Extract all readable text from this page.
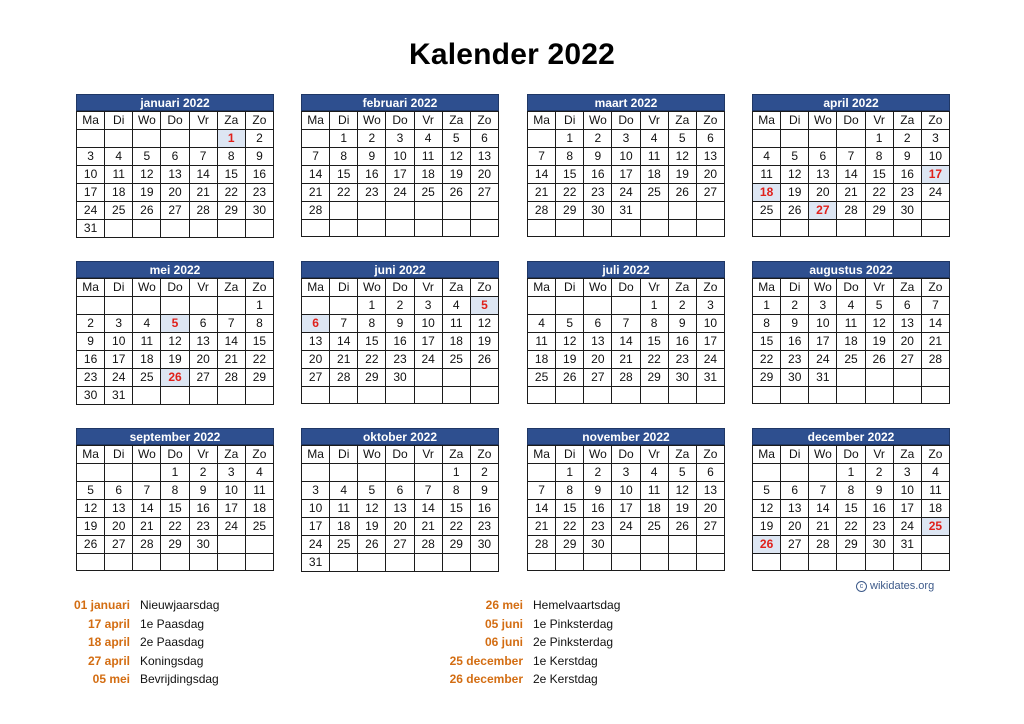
Kalender 2022
januari 2022
Ma	Di	Wo	Do	Vr	Za	Zo
					1	2
3	4	5	6	7	8	9
10	11	12	13	14	15	16
17	18	19	20	21	22	23
24	25	26	27	28	29	30
31						
februari 2022
Ma	Di	Wo	Do	Vr	Za	Zo
	1	2	3	4	5	6
7	8	9	10	11	12	13
14	15	16	17	18	19	20
21	22	23	24	25	26	27
28						

maart 2022
Ma	Di	Wo	Do	Vr	Za	Zo
	1	2	3	4	5	6
7	8	9	10	11	12	13
14	15	16	17	18	19	20
21	22	23	24	25	26	27
28	29	30	31			

april 2022
Ma	Di	Wo	Do	Vr	Za	Zo
				1	2	3
4	5	6	7	8	9	10
11	12	13	14	15	16	17
18	19	20	21	22	23	24
25	26	27	28	29	30	

mei 2022
Ma	Di	Wo	Do	Vr	Za	Zo
						1
2	3	4	5	6	7	8
9	10	11	12	13	14	15
16	17	18	19	20	21	22
23	24	25	26	27	28	29
30	31					
juni 2022
Ma	Di	Wo	Do	Vr	Za	Zo
		1	2	3	4	5
6	7	8	9	10	11	12
13	14	15	16	17	18	19
20	21	22	23	24	25	26
27	28	29	30			

juli 2022
Ma	Di	Wo	Do	Vr	Za	Zo
				1	2	3
4	5	6	7	8	9	10
11	12	13	14	15	16	17
18	19	20	21	22	23	24
25	26	27	28	29	30	31

augustus 2022
Ma	Di	Wo	Do	Vr	Za	Zo
1	2	3	4	5	6	7
8	9	10	11	12	13	14
15	16	17	18	19	20	21
22	23	24	25	26	27	28
29	30	31				

september 2022
Ma	Di	Wo	Do	Vr	Za	Zo
			1	2	3	4
5	6	7	8	9	10	11
12	13	14	15	16	17	18
19	20	21	22	23	24	25
26	27	28	29	30		

oktober 2022
Ma	Di	Wo	Do	Vr	Za	Zo
					1	2
3	4	5	6	7	8	9
10	11	12	13	14	15	16
17	18	19	20	21	22	23
24	25	26	27	28	29	30
31						
november 2022
Ma	Di	Wo	Do	Vr	Za	Zo
	1	2	3	4	5	6
7	8	9	10	11	12	13
14	15	16	17	18	19	20
21	22	23	24	25	26	27
28	29	30				

december 2022
Ma	Di	Wo	Do	Vr	Za	Zo
			1	2	3	4
5	6	7	8	9	10	11
12	13	14	15	16	17	18
19	20	21	22	23	24	25
26	27	28	29	30	31	

01 januari Nieuwjaarsdag
17 april 1e Paasdag
18 april 2e Paasdag
27 april Koningsdag
05 mei Bevrijdingsdag
26 mei Hemelvaartsdag
05 juni 1e Pinksterdag
06 juni 2e Pinksterdag
25 december 1e Kerstdag
26 december 2e Kerstdag
c wikidates.org
